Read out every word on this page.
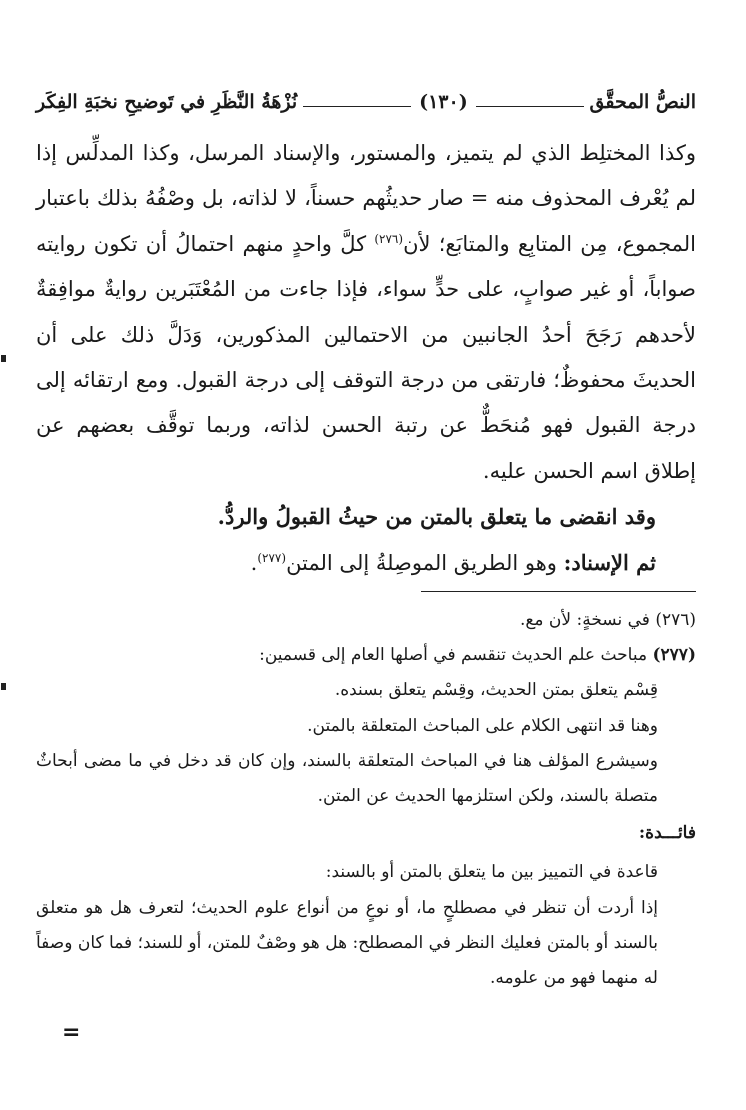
النصُّ المحقَّق
(١٣٠)
نُزْهَةُ النَّظَرِ في تَوضيحِ نخبَةِ الفِكَر

وكذا المختلِط الذي لم يتميز، والمستور، والإسناد المرسل، وكذا المدلِّس إذا لم يُعْرف المحذوف منه = صار حديثُهم حسناً، لا لذاته، بل وصْفُهُ بذلك باعتبار المجموع، مِن المتابِع والمتابَع؛ لأن$^{(٢٧٦)}$ كلَّ واحدٍ منهم احتمالُ أن تكون روايته صواباً، أو غير صوابٍ، على حدٍّ سواء، فإذا جاءت من المُعْتَبَرين روايةٌ موافِقةٌ لأحدهم رَجَحَ أحدُ الجانبين من الاحتمالين المذكورين، وَدَلَّ ذلك على أن الحديثَ محفوظٌ؛ فارتقى من درجة التوقف إلى درجة القبول. ومع ارتقائه إلى درجة القبول فهو مُنحَطٌّ عن رتبة الحسن لذاته، وربما توقَّف بعضهم عن إطلاق اسم الحسن عليه.

وقد انقضى ما يتعلق بالمتن من حيثُ القبولُ والردُّ.

ثم الإسناد: وهو الطريق الموصِلةُ إلى المتن$^{(٢٧٧)}$.

(٢٧٦) في نسخةٍ: لأن مع.

(٢٧٧) مباحث علم الحديث تنقسم في أصلها العام إلى قسمين:

قِسْم يتعلق بمتن الحديث، وقِسْم يتعلق بسنده.

وهنا قد انتهى الكلام على المباحث المتعلقة بالمتن.

وسيشرع المؤلف هنا في المباحث المتعلقة بالسند، وإن كان قد دخل في ما مضى أبحاثٌ متصلة بالسند، ولكن استلزمها الحديث عن المتن.

فائـــدة:

قاعدة في التمييز بين ما يتعلق بالمتن أو بالسند:

إذا أردت أن تنظر في مصطلحٍ ما، أو نوعٍ من أنواع علوم الحديث؛ لتعرف هل هو متعلق بالسند أو بالمتن فعليك النظر في المصطلح: هل هو وصْفٌ للمتن، أو للسند؛ فما كان وصفاً له منهما فهو من علومه.

=
